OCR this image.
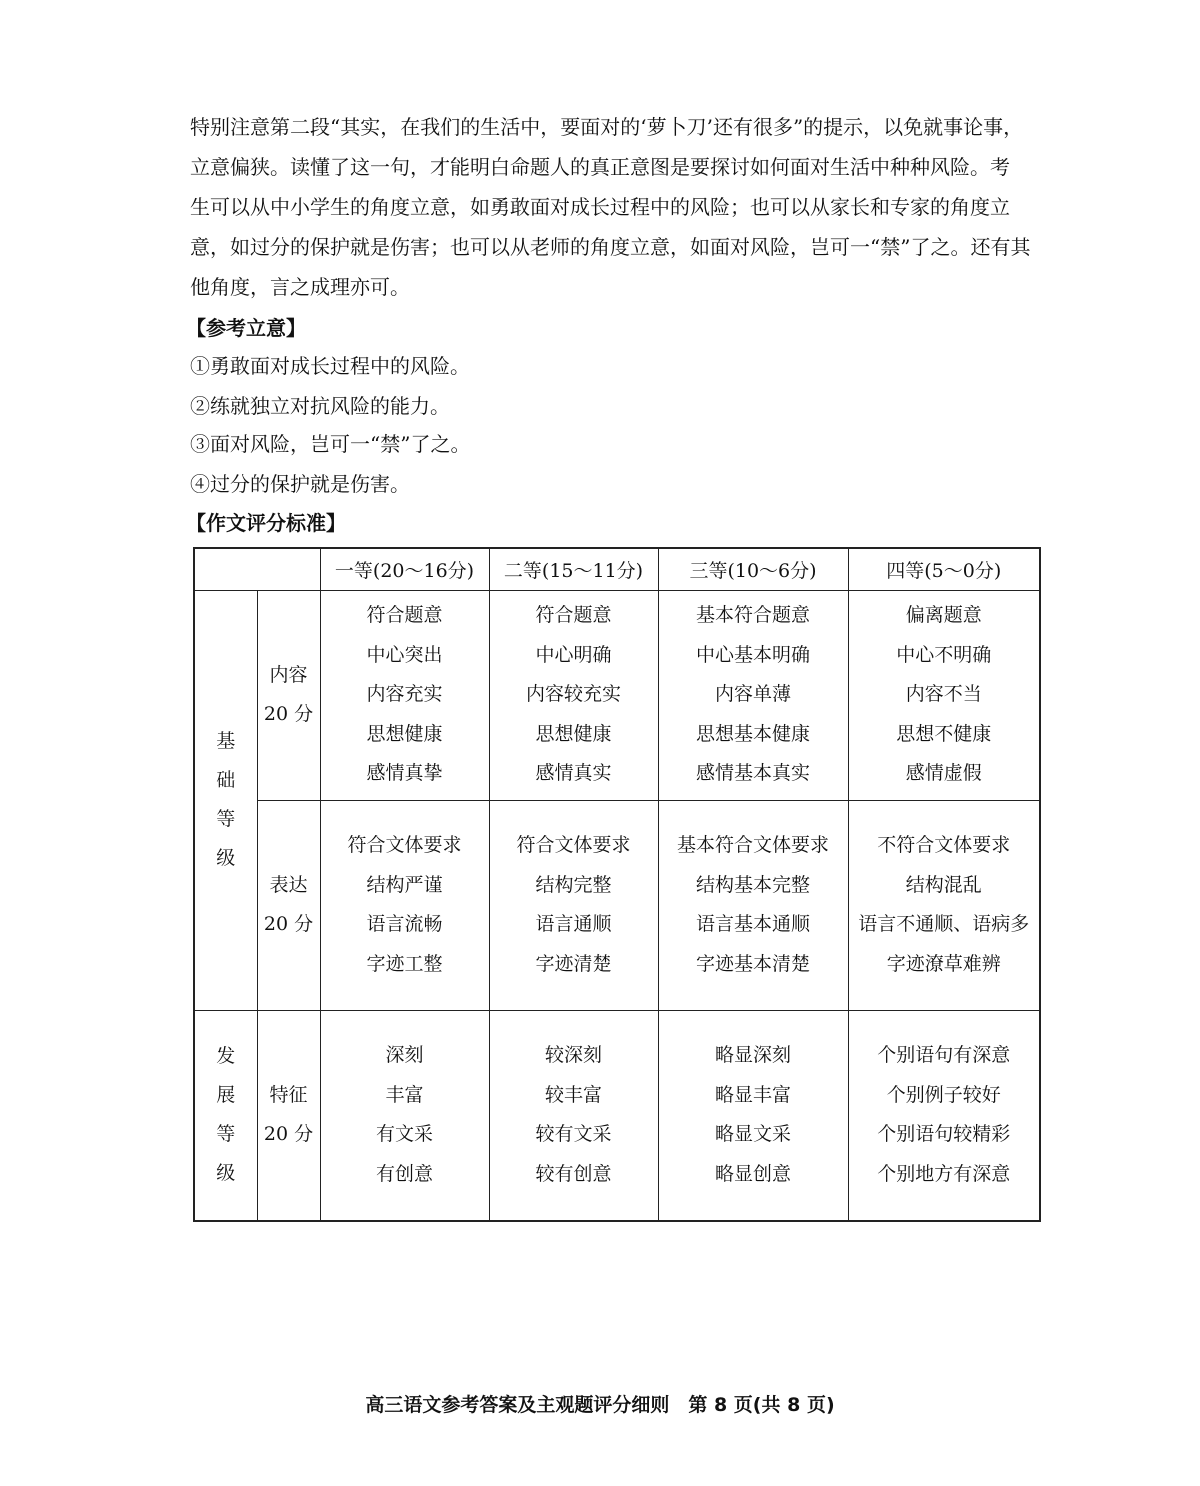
特别注意第二段“其实，在我们的生活中，要面对的‘萝卜刀’还有很多”的提示，以免就事论事，

立意偏狭。读懂了这一句，才能明白命题人的真正意图是要探讨如何面对生活中种种风险。考

生可以从中小学生的角度立意，如勇敢面对成长过程中的风险；也可以从家长和专家的角度立

意，如过分的保护就是伤害；也可以从老师的角度立意，如面对风险，岂可一“禁”了之。还有其

他角度，言之成理亦可。

【参考立意】
①勇敢面对成长过程中的风险。
②练就独立对抗风险的能力。
③面对风险，岂可一“禁”了之。
④过分的保护就是伤害。
【作文评分标准】
		一等(20～16分)	二等(15～11分)	三等(10～6分)	四等(5～0分)

基
础
等
级	内容
20 分	符合题意
中心突出
内容充实
思想健康
感情真挚	符合题意
中心明确
内容较充实
思想健康
感情真实	基本符合题意
中心基本明确
内容单薄
思想基本健康
感情基本真实	偏离题意
中心不明确
内容不当
思想不健康
感情虚假

	表达
20 分	符合文体要求
结构严谨
语言流畅
字迹工整	符合文体要求
结构完整
语言通顺
字迹清楚	基本符合文体要求
结构基本完整
语言基本通顺
字迹基本清楚	不符合文体要求
结构混乱
语言不通顺、语病多
字迹潦草难辨

发
展
等
级	特征
20 分	深刻
丰富
有文采
有创意	较深刻
较丰富
较有文采
较有创意	略显深刻
略显丰富
略显文采
略显创意	个别语句有深意
个别例子较好
个别语句较精彩
个别地方有深意
高三语文参考答案及主观题评分细则　第 8 页(共 8 页)
